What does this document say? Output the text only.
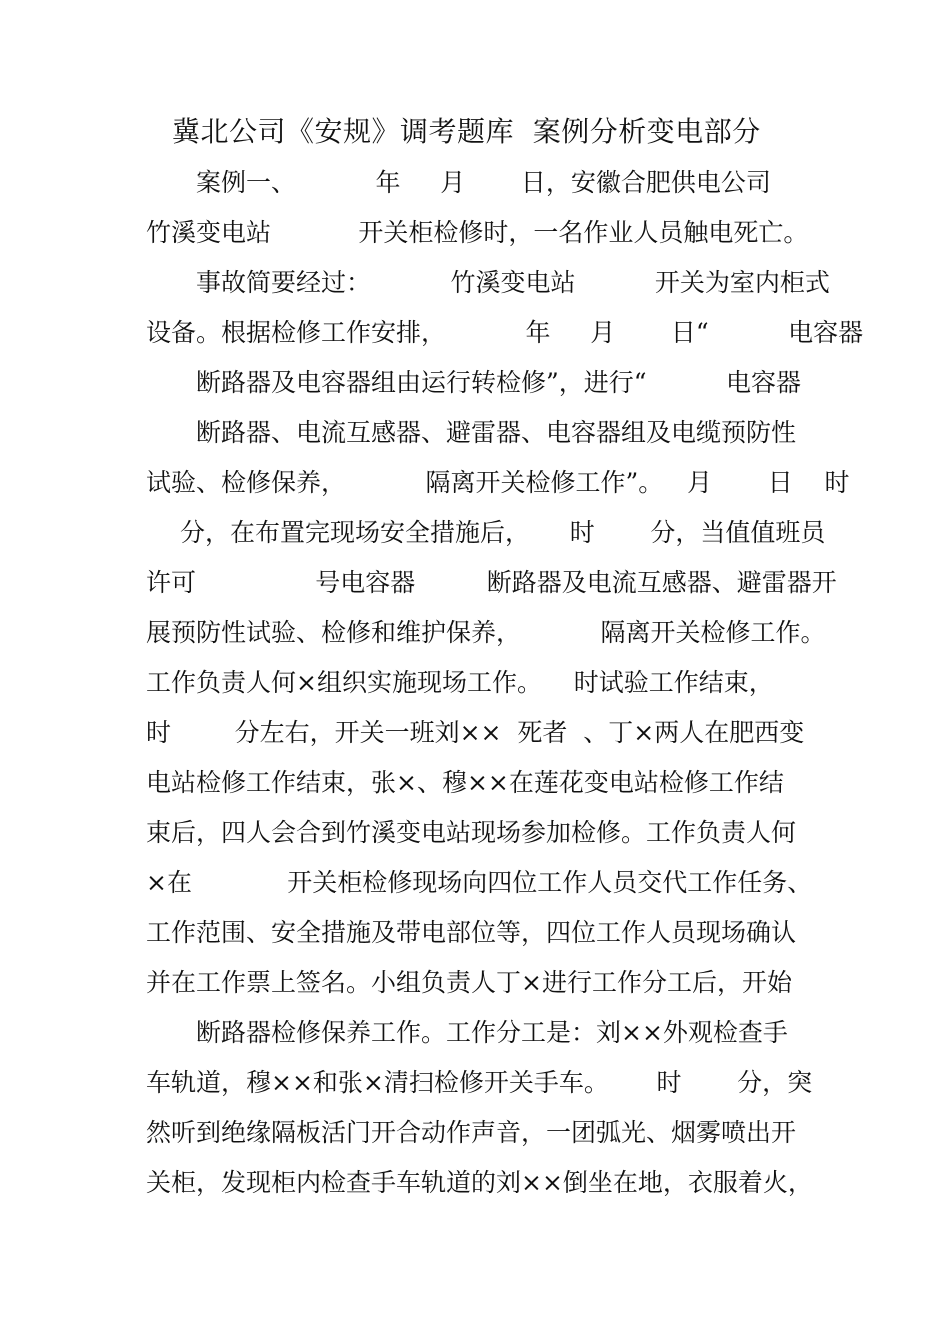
冀北公司《安规》调考题库  案例分析变电部分
案例一、          年     月       日，安徽合肥供电公司
竹溪变电站           开关柜检修时，一名作业人员触电死亡。
事故简要经过：          竹溪变电站          开关为室内柜式
设备。根据检修工作安排，          年     月       日“          电容器
断路器及电容器组由运行转检修”，进行“          电容器
断路器、电流互感器、避雷器、电容器组及电缆预防性
试验、检修保养，          隔离开关检修工作”。   月       日    时
分，在布置完现场安全措施后，     时       分，当值值班员
许可               号电容器         断路器及电流互感器、避雷器开
展预防性试验、检修和维护保养，          隔离开关检修工作。
工作负责人何×组织实施现场工作。    时试验工作结束，
时        分左右，开关一班刘××  死者  、丁×两人在肥西变
电站检修工作结束，张×、穆××在莲花变电站检修工作结
束后，四人会合到竹溪变电站现场参加检修。工作负责人何
×在            开关柜检修现场向四位工作人员交代工作任务、
工作范围、安全措施及带电部位等，四位工作人员现场确认
并在工作票上签名。小组负责人丁×进行工作分工后，开始
断路器检修保养工作。工作分工是：刘××外观检查手
车轨道，穆××和张×清扫检修开关手车。      时       分，突
然听到绝缘隔板活门开合动作声音，一团弧光、烟雾喷出开
关柜，发现柜内检查手车轨道的刘××倒坐在地，衣服着火，
